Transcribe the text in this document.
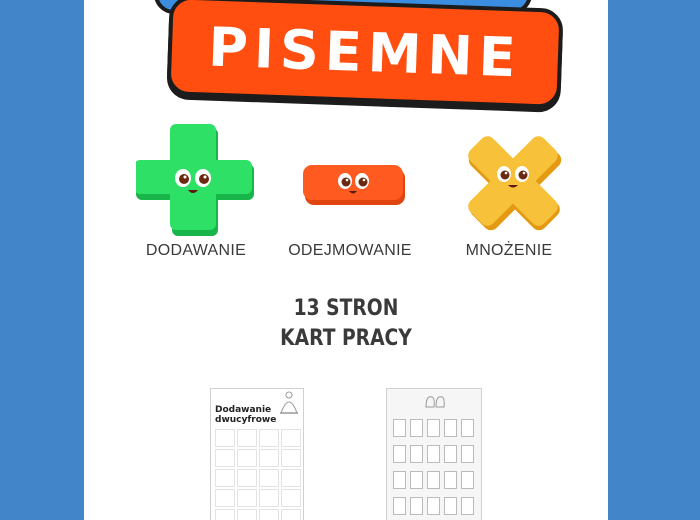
PISEMNE
DODAWANIE	ODEJMOWANIE	MNOŻENIE
13 STRON
KART PRACY
Dodawanie
dwucyfrowe
